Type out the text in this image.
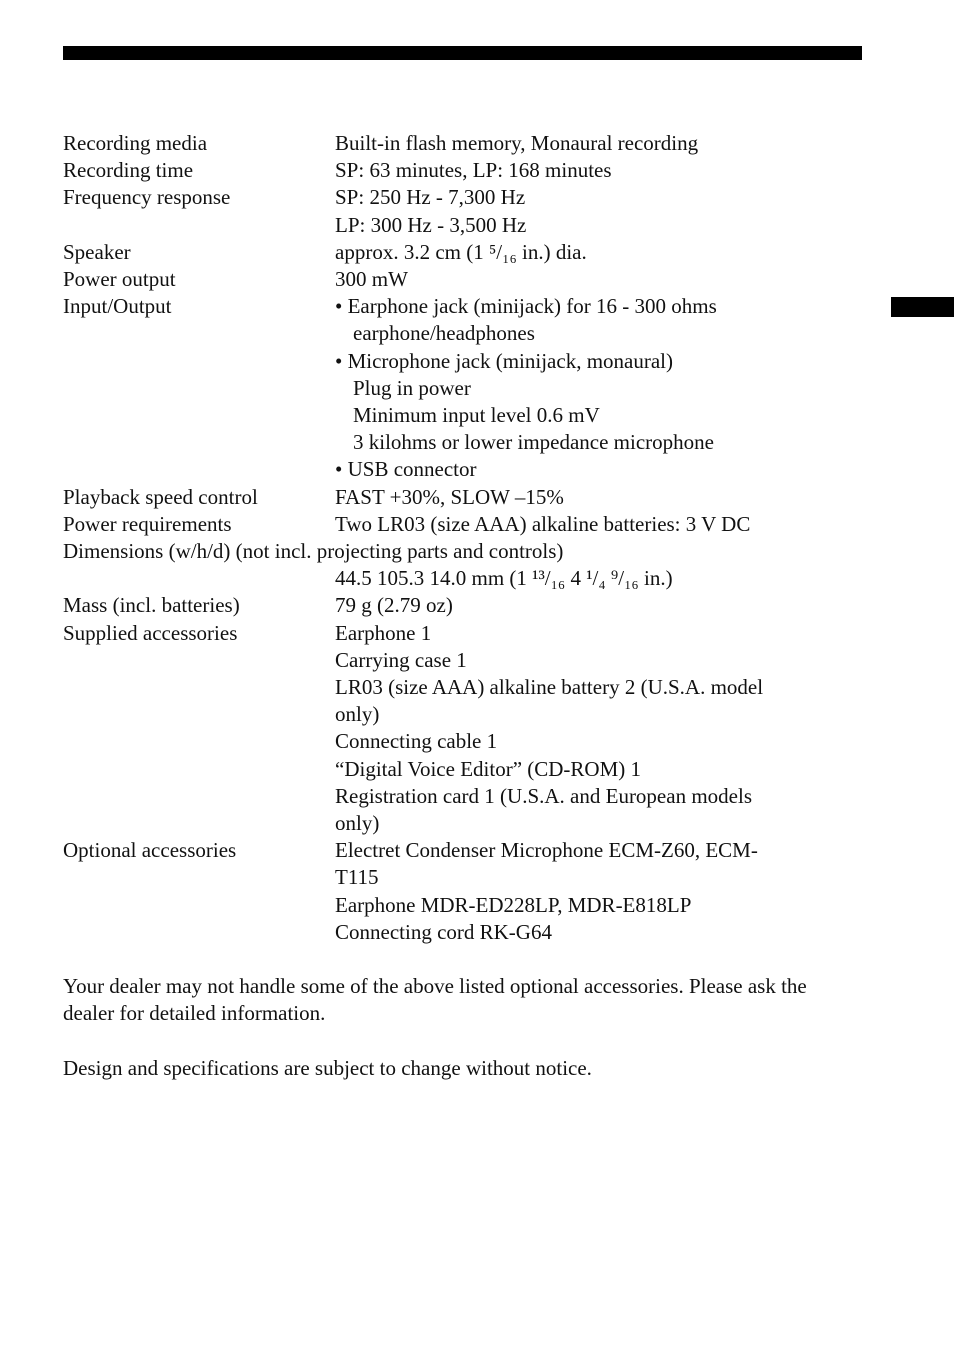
Recording media	Built-in flash memory, Monaural recording
Recording time	SP: 63 minutes, LP: 168 minutes
Frequency response	SP: 250 Hz - 7,300 Hz
LP: 300 Hz - 3,500 Hz
Speaker	approx. 3.2 cm (1 ⁵/₁₆ in.) dia.
Power output	300 mW
Input/Output	• Earphone jack (minijack) for 16 - 300 ohms
earphone/headphones
• Microphone jack (minijack, monaural)
Plug in power
Minimum input level 0.6 mV
3 kilohms or lower impedance microphone
• USB connector
Playback speed control	FAST +30%, SLOW –15%
Power requirements	Two LR03 (size AAA) alkaline batteries: 3 V DC
Dimensions (w/h/d) (not incl. projecting parts and controls)
44.5 105.3 14.0 mm (1 ¹³/₁₆ 4 ¹/₄ ⁹/₁₆ in.)
Mass (incl. batteries)	79 g (2.79 oz)
Supplied accessories	Earphone 1
Carrying case 1
LR03 (size AAA) alkaline battery 2 (U.S.A. model
only)
Connecting cable 1
“Digital Voice Editor” (CD-ROM) 1
Registration card 1 (U.S.A. and European models
only)
Optional accessories	Electret Condenser Microphone ECM-Z60, ECM-
T115
Earphone MDR-ED228LP, MDR-E818LP
Connecting cord RK-G64
Your dealer may not handle some of the above listed optional accessories. Please ask the dealer for detailed information.
Design and specifications are subject to change without notice.
